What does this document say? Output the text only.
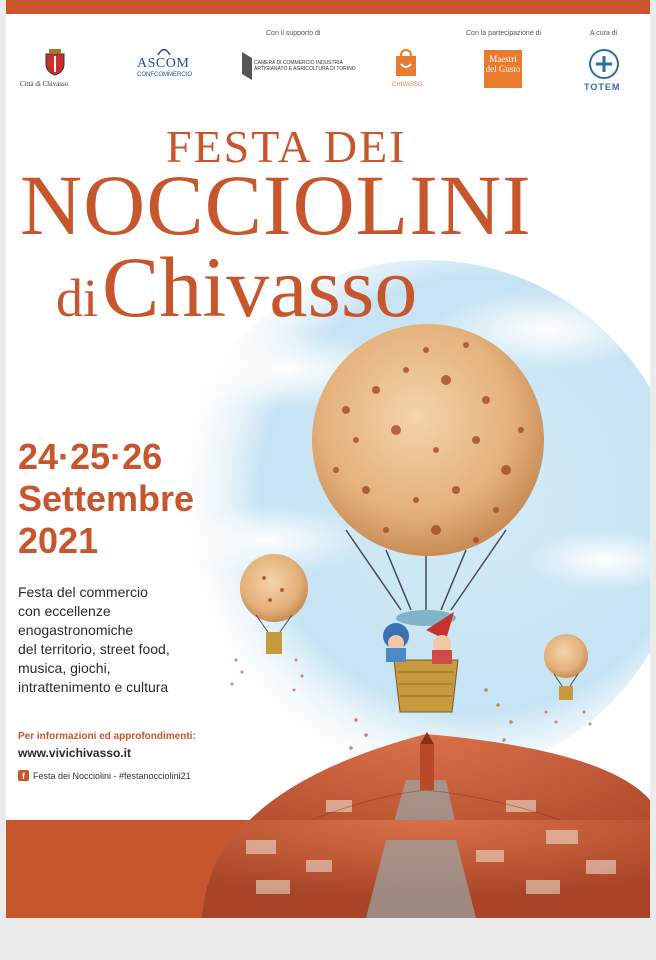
Città di Chivasso
ASCOM
CONFCOMMERCIO
Con il supporto di
CAMERA DI COMMERCIO INDUSTRIA ARTIGIANATO E AGRICOLTURA DI TORINO
Con la partecipazione di
CHIVASSO
Maestri del Gusto
A cura di
TOTEM
FESTA DEI
NOCCIOLINI
diChivasso
24·25·26
Settembre
2021
Festa del commercio
con eccellenze
enogastronomiche
del territorio, street food,
musica, giochi,
intrattenimento e cultura
Per informazioni ed approfondimenti:
www.vivichivasso.it
f Festa dei Nocciolini - #festanocciolini21
